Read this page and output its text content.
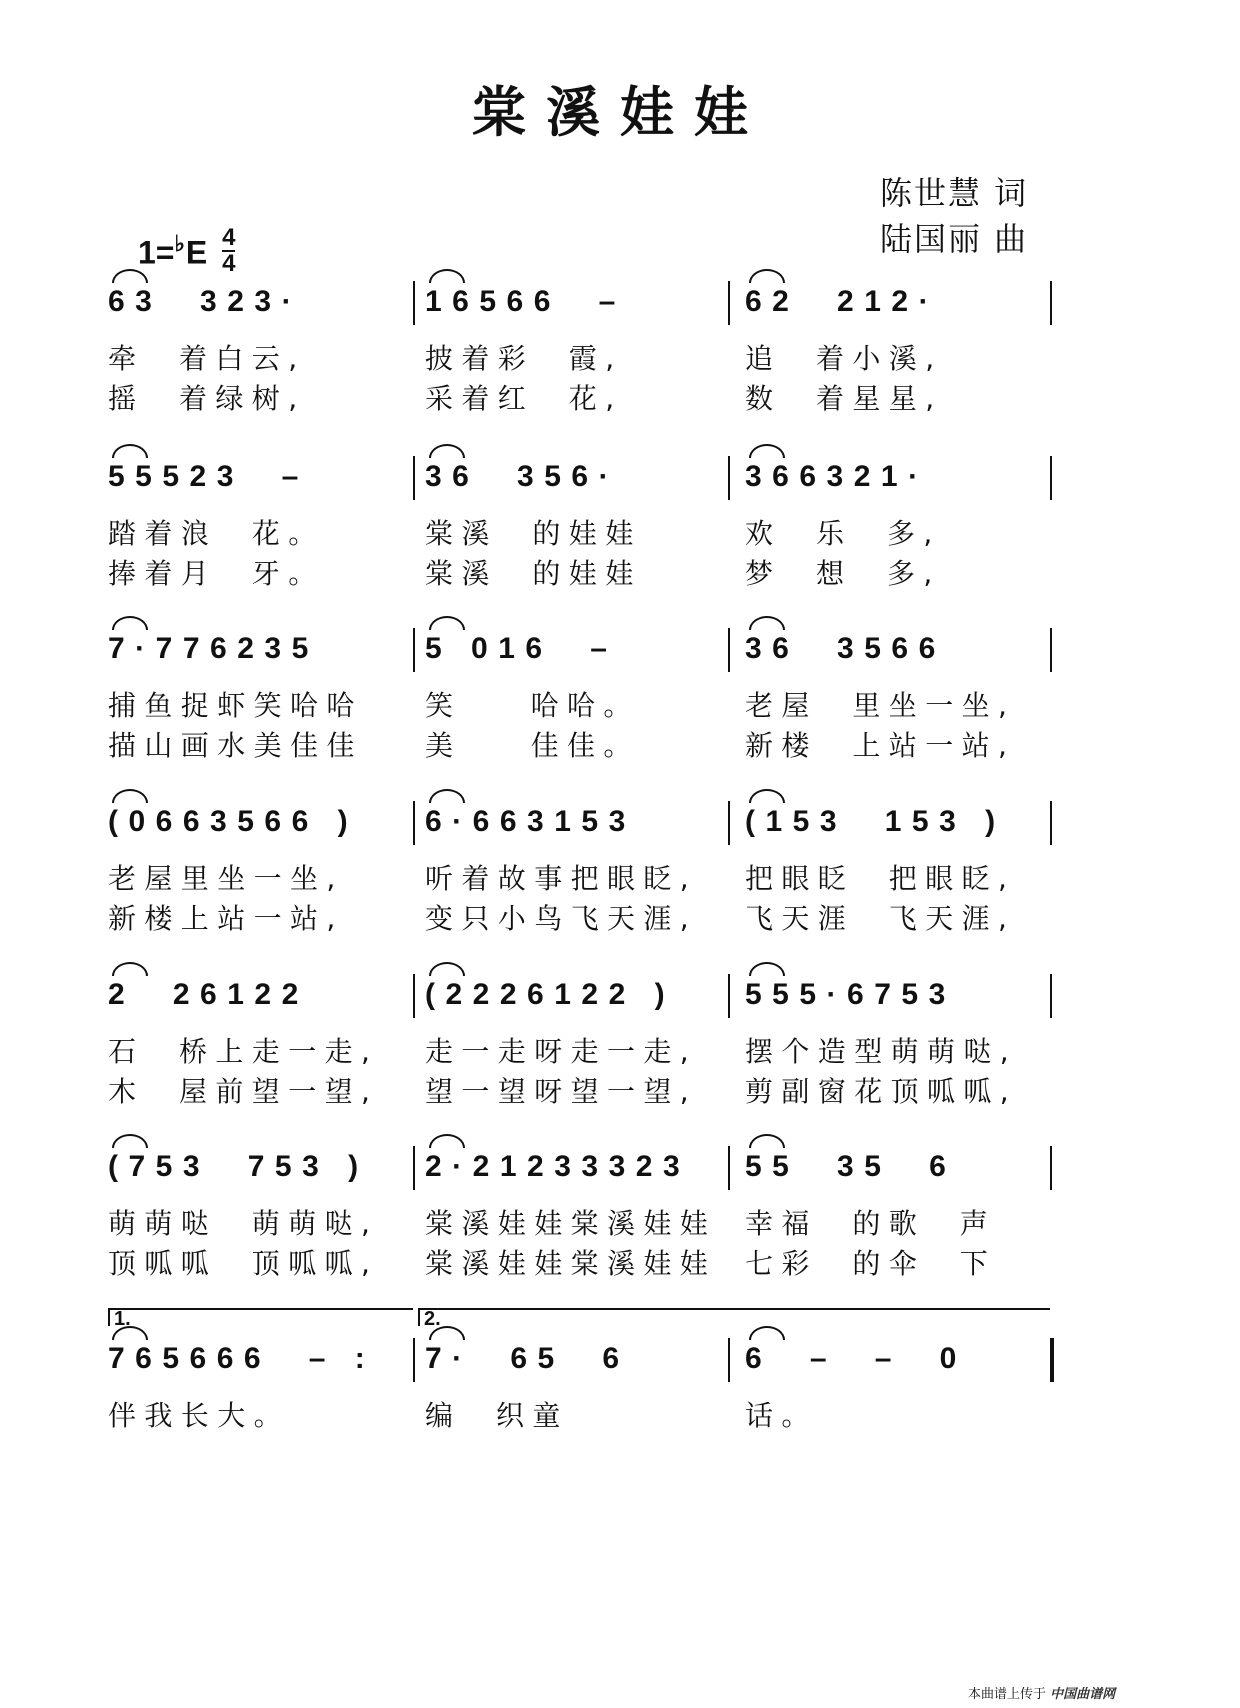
棠溪娃娃
陈世慧 词
陆国丽 曲
$1=^♭E \frac{4}{4}$
63  323·
牵  着白云,
摇  着绿树,
16566  –
披着彩  霞,
采着红  花,
62  212·
追  着小溪,
数  着星星,
55523  –
踏着浪  花。
捧着月  牙。
36  356·
棠溪  的娃娃
棠溪  的娃娃
366321·
欢  乐  多,
梦  想  多,
7·776235
捕鱼捉虾笑哈哈
描山画水美佳佳
5 016  –
笑    哈哈。
美    佳佳。
36  3566
老屋  里坐一坐,
新楼  上站一站,
(0663566 )
老屋里坐一坐,
新楼上站一站,
6·663153
听着故事把眼眨,
变只小鸟飞天涯,
(153  153 )
把眼眨  把眼眨,
飞天涯  飞天涯,
2  26122
石  桥上走一走,
木  屋前望一望,
(2226122 )
走一走呀走一走,
望一望呀望一望,
555·6753
摆个造型萌萌哒,
剪副窗花顶呱呱,
(753  753 )
萌萌哒  萌萌哒,
顶呱呱  顶呱呱,
2·21233323
棠溪娃娃棠溪娃娃
棠溪娃娃棠溪娃娃
55  35  6
幸福  的歌  声
七彩  的伞  下
765666  – :
伴我长大。
7·  65  6
编  织童
6  –  –  0
话。
1.	2.
本曲谱上传于 中国曲谱网
